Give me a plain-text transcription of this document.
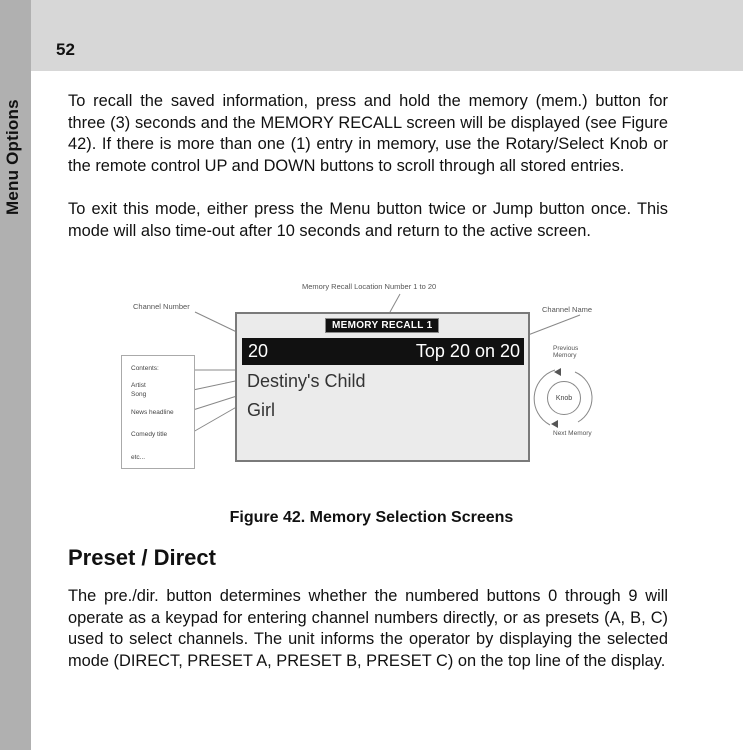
Menu Options
52

To recall the saved information, press and hold the memory (mem.) button for three (3) seconds and the MEMORY RECALL screen will be displayed (see Figure 42). If there is more than one (1) entry in memory, use the Rotary/Select Knob or the remote control UP and DOWN buttons to scroll through all stored entries.

To exit this mode, either press the Menu button twice or Jump button once. This mode will also time-out after 10 seconds and return to the active screen.

Memory Recall Location Number 1 to 20
Channel Number	Channel Name
Previous Memory
Next Memory
Knob
Contents:
Artist
Song
News headline
Comedy title
etc...
MEMORY RECALL 1
20	Top 20 on 20
Destiny's Child
Girl
Figure 42. Memory Selection Screens
Preset / Direct

The pre./dir. button determines whether the numbered buttons 0 through 9 will operate as a keypad for entering channel numbers directly, or as presets (A, B, C) used to select channels. The unit informs the operator by displaying the selected mode (DIRECT, PRESET A, PRESET B, PRESET C) on the top line of the display.
